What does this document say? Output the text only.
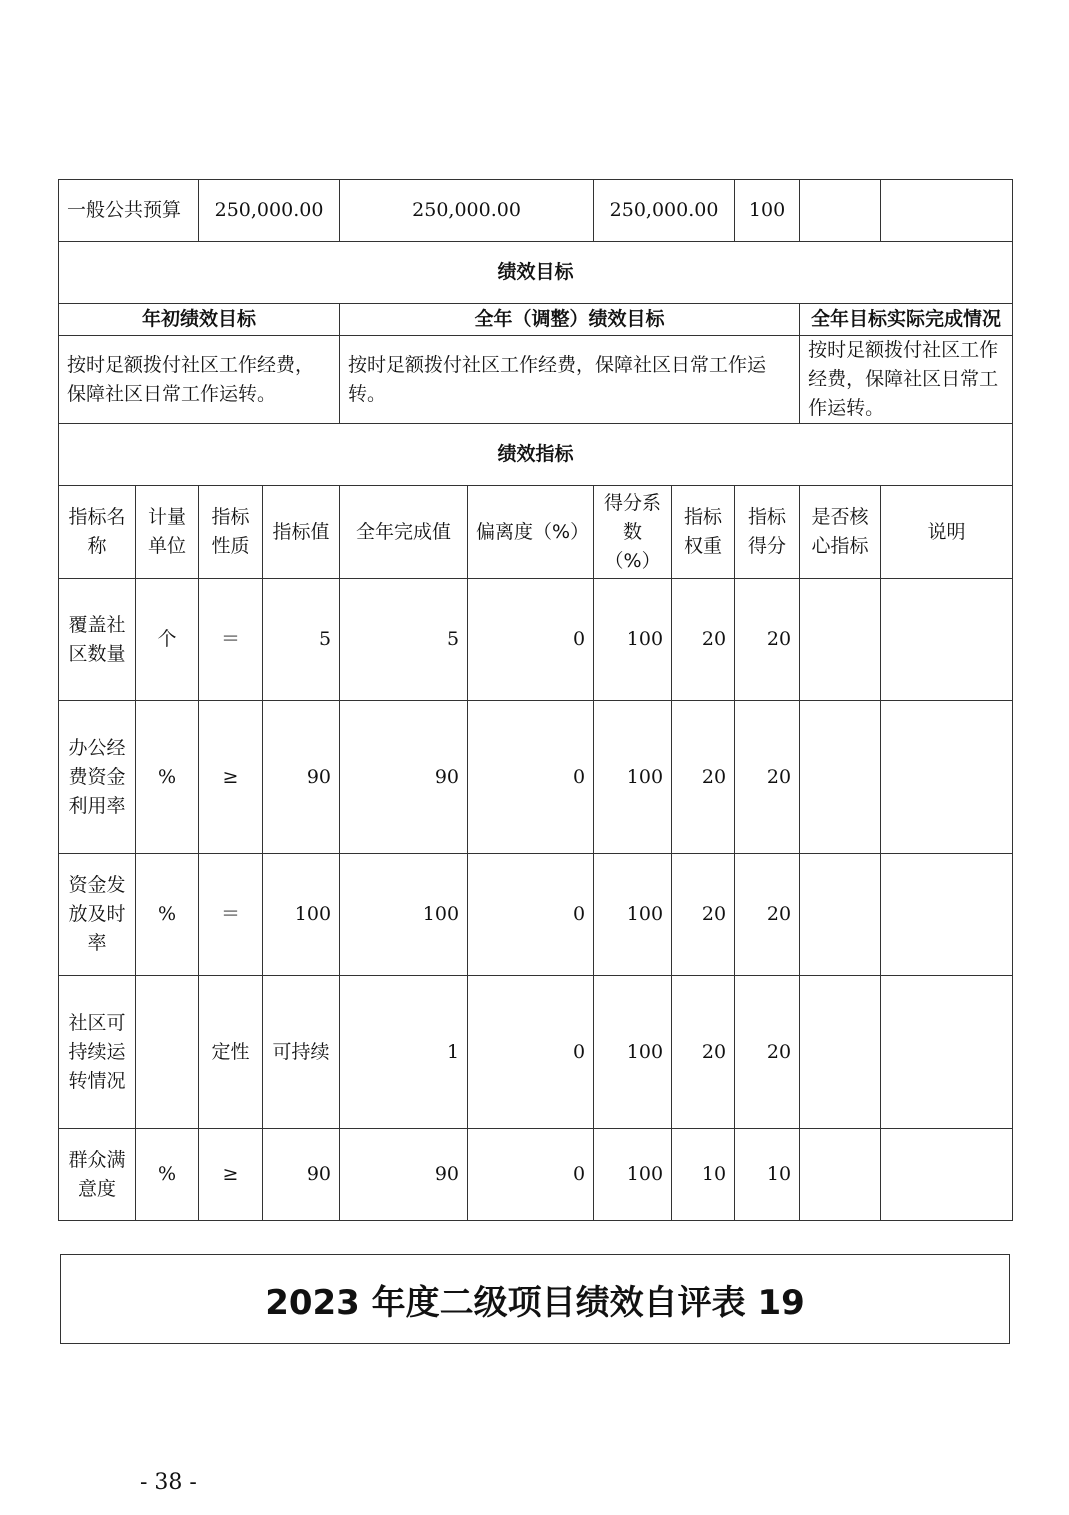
一般公共预算		250,000.00		250,000.00		250,000.00		100		
绩效目标										
年初绩效目标				全年（调整）绩效目标					全年目标实际完成情况	
按时足额拨付社区工作经费，保障社区日常工作运转。				按时足额拨付社区工作经费，保障社区日常工作运转。					按时足额拨付社区工作经费，保障社区日常工作运转。	
绩效指标										
指标名称	计量单位	指标性质	指标值	全年完成值	偏离度（%）	得分系数（%）	指标权重	指标得分	是否核心指标	说明
覆盖社区数量	个	＝	5	5	0	100	20	20		
办公经费资金利用率	%	≥	90	90	0	100	20	20		
资金发放及时率	%	＝	100	100	0	100	20	20		
社区可持续运转情况		定性	可持续	1	0	100	20	20		
群众满意度	%	≥	90	90	0	100	10	10		
2023 年度二级项目绩效自评表 19
- 38 -
